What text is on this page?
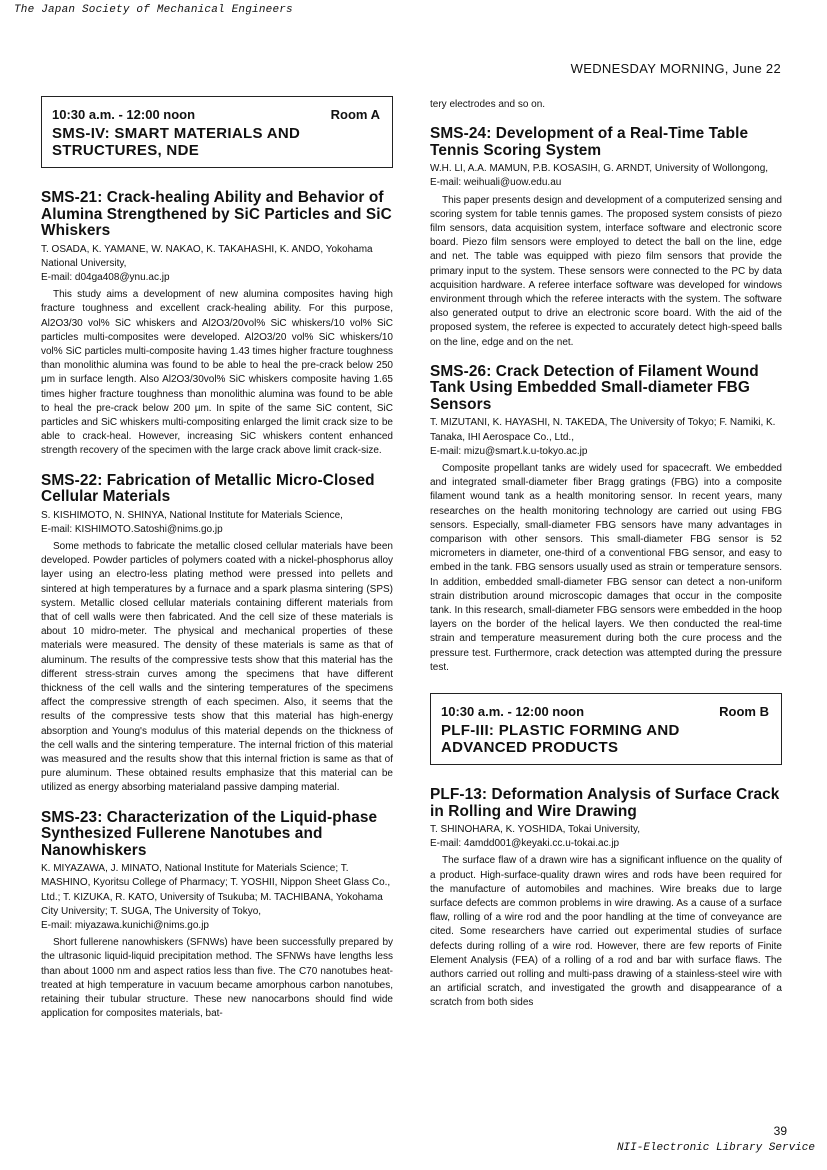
The Japan Society of Mechanical Engineers
WEDNESDAY MORNING, June 22
10:30 a.m. - 12:00 noon	Room A
SMS-IV: SMART MATERIALS AND STRUCTURES, NDE
SMS-21: Crack-healing Ability and Behavior of Alumina Strengthened by SiC Particles and SiC Whiskers

T. OSADA, K. YAMANE, W. NAKAO, K. TAKAHASHI, K. ANDO, Yokohama National University,

E-mail: d04ga408@ynu.ac.jp

This study aims a development of new alumina composites having high fracture toughness and excellent crack-healing ability. For this purpose, Al2O3/30 vol% SiC whiskers and Al2O3/20vol% SiC whiskers/10 vol% SiC particles multi-composites were developed. Al2O3/20 vol% SiC whiskers/10 vol% SiC particles multi-composite having 1.43 times higher fracture toughness than monolithic alumina was found to be able to heal the pre-crack below 250 μm in surface length. Also Al2O3/30vol% SiC whiskers composite having 1.65 times higher fracture toughness than monolithic alumina was found to be able to heal the pre-crack below 200 μm. In spite of the same SiC content, SiC particles and SiC whiskers multi-compositing enlarged the limit crack size to be able to crack-heal. However, increasing SiC whiskers content enhanced strength recovery of the specimen with the large crack above limit crack-size.

SMS-22: Fabrication of Metallic Micro-Closed Cellular Materials

S. KISHIMOTO, N. SHINYA, National Institute for Materials Science,

E-mail: KISHIMOTO.Satoshi@nims.go.jp

Some methods to fabricate the metallic closed cellular materials have been developed. Powder particles of polymers coated with a nickel-phosphorus alloy layer using an electro-less plating method were pressed into pellets and sintered at high temperatures by a furnace and a spark plasma sintering (SPS) system. Metallic closed cellular materials containing different materials from that of cell walls were then fabricated. And the cell size of these materials is about 10 midro-meter. The physical and mechanical properties of these materials were measured. The density of these materials is same as that of aluminum. The results of the compressive tests show that this material has the different stress-strain curves among the specimens that have different thickness of the cell walls and the sintering temperatures of the specimens affect the compressive strength of each specimen. Also, it seems that the results of the compressive tests show that this material has high-energy absorption and Young's modulus of this material depends on the thickness of the cell walls and the sintering temperature. The internal friction of this material was measured and the results show that this internal friction is same as that of pure aluminum. These obtained results emphasize that this material can be utilized as energy absorbing materialand passive damping material.

SMS-23: Characterization of the Liquid-phase Synthesized Fullerene Nanotubes and Nanowhiskers

K. MIYAZAWA, J. MINATO, National Institute for Materials Science; T. MASHINO, Kyoritsu College of Pharmacy; T. YOSHII, Nippon Sheet Glass Co., Ltd.; T. KIZUKA, R. KATO, University of Tsukuba; M. TACHIBANA, Yokohama City University; T. SUGA, The University of Tokyo,

E-mail: miyazawa.kunichi@nims.go.jp

Short fullerene nanowhiskers (SFNWs) have been successfully prepared by the ultrasonic liquid-liquid precipitation method. The SFNWs have lengths less than about 1000 nm and aspect ratios less than five. The C70 nanotubes heat-treated at high temperature in vacuum became amorphous carbon nanotubes, retaining their tubular structure. These new nanocarbons should find wide application for composites materials, bat-

tery electrodes and so on.

SMS-24: Development of a Real-Time Table Tennis Scoring System

W.H. LI, A.A. MAMUN, P.B. KOSASIH, G. ARNDT, University of Wollongong,

E-mail: weihuali@uow.edu.au

This paper presents design and development of a computerized sensing and scoring system for table tennis games. The proposed system consists of piezo film sensors, data acquisition system, interface software and electronic score board. Piezo film sensors were employed to detect the ball on the line, edge and net. The table was equipped with piezo film sensors that provide the primary input to the system. These sensors were connected to the PC by data acquisition hardware. A referee interface software was developed for windows environment through which the referee interacts with the system. The software also generated output to drive an electronic score board. With the aid of the proposed system, the referee is expected to accurately detect high-speed balls on the line, edge and on the net.

SMS-26: Crack Detection of Filament Wound Tank Using Embedded Small-diameter FBG Sensors

T. MIZUTANI, K. HAYASHI, N. TAKEDA, The University of Tokyo; F. Namiki, K. Tanaka, IHI Aerospace Co., Ltd.,

E-mail: mizu@smart.k.u-tokyo.ac.jp

Composite propellant tanks are widely used for spacecraft. We embedded and integrated small-diameter fiber Bragg gratings (FBG) into a composite filament wound tank as a health monitoring sensor. In recent years, many researches on the health monitoring technology are carried out using FBG sensors. Especially, small-diameter FBG sensors have many advantages in comparison with other sensors. This small-diameter FBG sensor is 52 micrometers in diameter, one-third of a conventional FBG sensor, and easy to embed in the tank. FBG sensors usually used as strain or temperature sensors. In addition, embedded small-diameter FBG sensor can detect a non-uniform strain distribution around microscopic damages that occur in the composite tank. In this research, small-diameter FBG sensors were embedded in the hoop layers on the border of the helical layers. We then conducted the real-time strain and temperature measurement during both the cure process and the pressure test. Furthermore, crack detection was attempted during the pressure test.

10:30 a.m. - 12:00 noon	Room B
PLF-III: PLASTIC FORMING AND ADVANCED PRODUCTS
PLF-13: Deformation Analysis of Surface Crack in Rolling and Wire Drawing

T. SHINOHARA, K. YOSHIDA, Tokai University,

E-mail: 4amdd001@keyaki.cc.u-tokai.ac.jp

The surface flaw of a drawn wire has a significant influence on the quality of a product. High-surface-quality drawn wires and rods have been required for the manufacture of automobiles and machines. Wire breaks due to large surface defects are common problems in wire drawing. As a cause of a surface flaw, rolling of a wire rod and the poor handling at the time of conveyance are cited. Some researchers have carried out experimental studies of surface defects during rolling of a wire rod. However, there are few reports of Finite Element Analysis (FEA) of a rolling of a rod and bar with surface flaws. The authors carried out rolling and multi-pass drawing of a stainless-steel wire with an artificial scratch, and investigated the growth and disappearance of a scratch from both sides

39
NII-Electronic Library Service
